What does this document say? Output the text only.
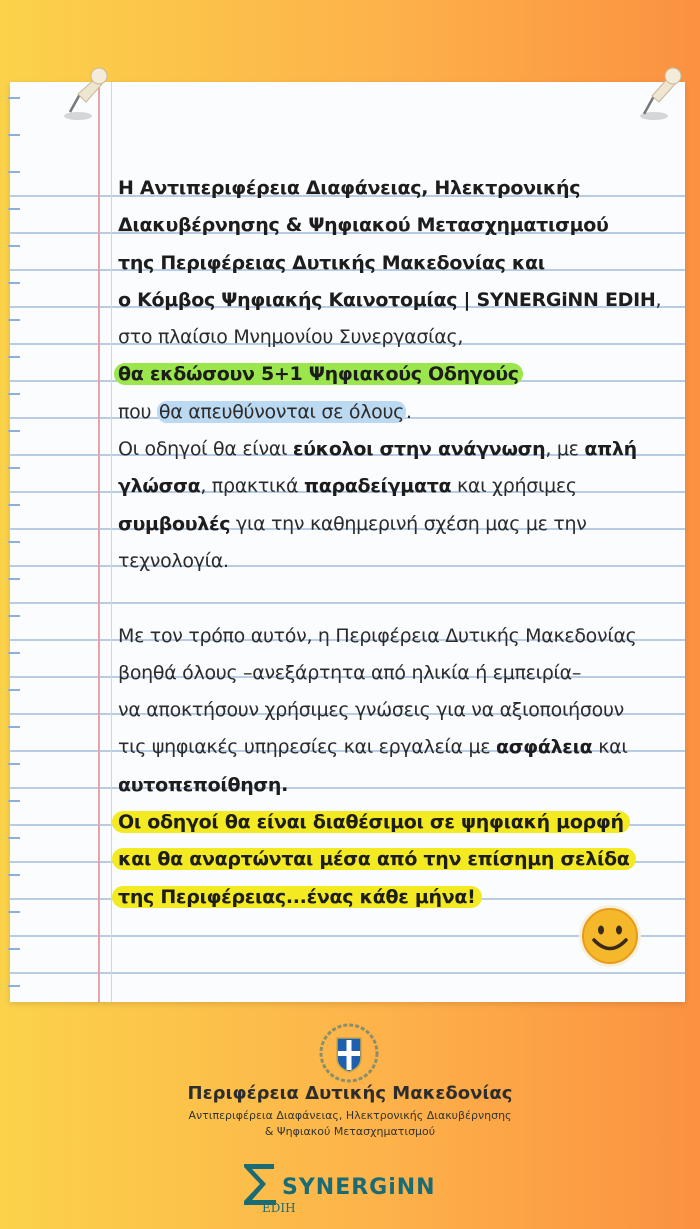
Η Αντιπεριφέρεια Διαφάνειας, Ηλεκτρονικής

Διακυβέρνησης & Ψηφιακού Μετασχηματισμού

της Περιφέρειας Δυτικής Μακεδονίας και

ο Κόμβος Ψηφιακής Καινοτομίας | SYNERGiNN EDIH,

στο πλαίσιο Μνημονίου Συνεργασίας,

θα εκδώσουν 5+1 Ψηφιακούς Οδηγούς

που θα απευθύνονται σε όλους .

Οι οδηγοί θα είναι εύκολοι στην ανάγνωση, με απλή

γλώσσα, πρακτικά παραδείγματα και χρήσιμες

συμβουλές για την καθημερινή σχέση μας με την

τεχνολογία.

Με τον τρόπο αυτόν, η Περιφέρεια Δυτικής Μακεδονίας

βοηθά όλους –ανεξάρτητα από ηλικία ή εμπειρία–

να αποκτήσουν χρήσιμες γνώσεις για να αξιοποιήσουν

τις ψηφιακές υπηρεσίες και εργαλεία με ασφάλεια και

αυτοπεποίθηση.

Οι οδηγοί θα είναι διαθέσιμοι σε ψηφιακή μορφή

και θα αναρτώνται μέσα από την επίσημη σελίδα

της Περιφέρειας...ένας κάθε μήνα!

Περιφέρεια Δυτικής Μακεδονίας
Αντιπεριφέρεια Διαφάνειας, Ηλεκτρονικής Διακυβέρνησης
& Ψηφιακού Μετασχηματισμού
SYNERGiNN
EDIH
